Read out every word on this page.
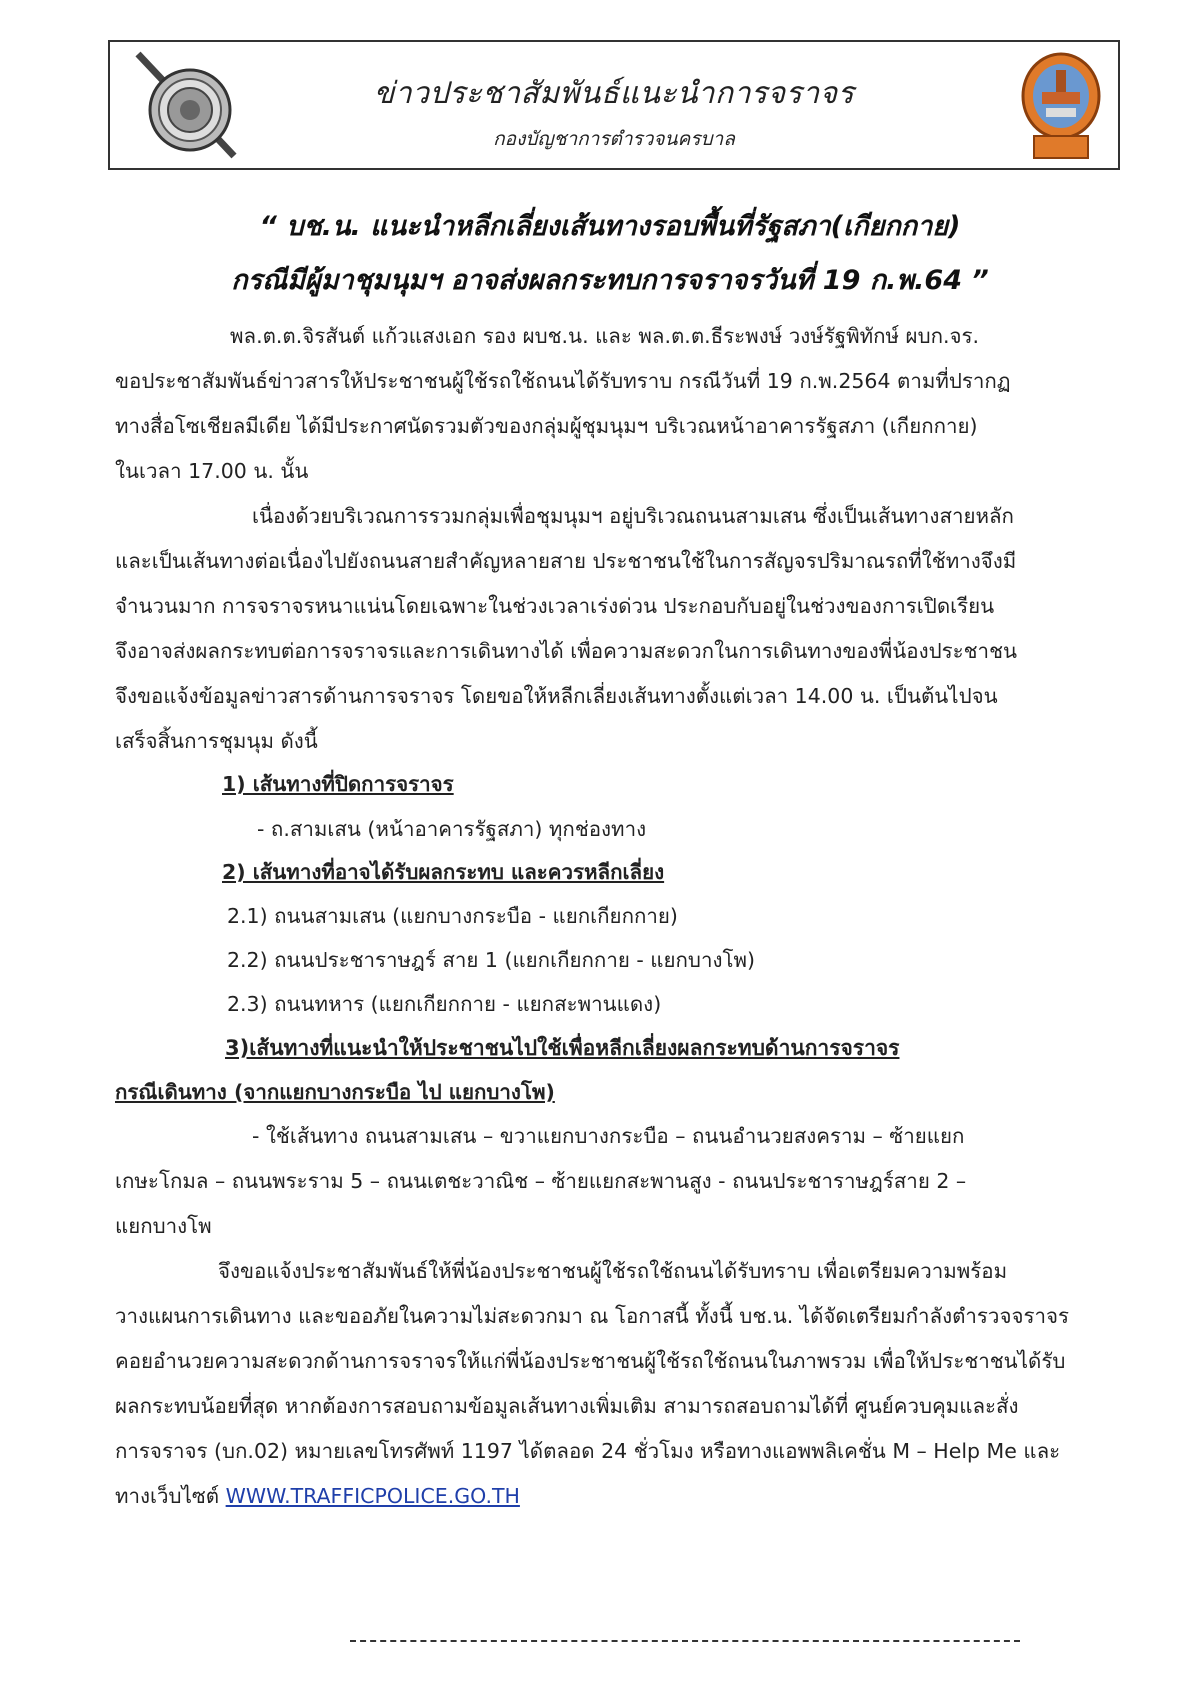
ข่าวประชาสัมพันธ์แนะนำการจราจร
กองบัญชาการตำรวจนครบาล
“ บช.น. แนะนำหลีกเลี่ยงเส้นทางรอบพื้นที่รัฐสภา(เกียกกาย)
กรณีมีผู้มาชุมนุมฯ อาจส่งผลกระทบการจราจรวันที่ 19 ก.พ.64 ”
พล.ต.ต.จิรสันต์ แก้วแสงเอก รอง ผบช.น. และ พล.ต.ต.ธีระพงษ์ วงษ์รัฐพิทักษ์ ผบก.จร.
ขอประชาสัมพันธ์ข่าวสารให้ประชาชนผู้ใช้รถใช้ถนนได้รับทราบ กรณีวันที่ 19 ก.พ.2564 ตามที่ปรากฏ
ทางสื่อโซเชียลมีเดีย ได้มีประกาศนัดรวมตัวของกลุ่มผู้ชุมนุมฯ บริเวณหน้าอาคารรัฐสภา (เกียกกาย)
ในเวลา 17.00 น. นั้น
เนื่องด้วยบริเวณการรวมกลุ่มเพื่อชุมนุมฯ อยู่บริเวณถนนสามเสน ซึ่งเป็นเส้นทางสายหลัก
และเป็นเส้นทางต่อเนื่องไปยังถนนสายสำคัญหลายสาย ประชาชนใช้ในการสัญจรปริมาณรถที่ใช้ทางจึงมี
จำนวนมาก การจราจรหนาแน่นโดยเฉพาะในช่วงเวลาเร่งด่วน ประกอบกับอยู่ในช่วงของการเปิดเรียน
จึงอาจส่งผลกระทบต่อการจราจรและการเดินทางได้ เพื่อความสะดวกในการเดินทางของพี่น้องประชาชน
จึงขอแจ้งข้อมูลข่าวสารด้านการจราจร โดยขอให้หลีกเลี่ยงเส้นทางตั้งแต่เวลา 14.00 น. เป็นต้นไปจน
เสร็จสิ้นการชุมนุม ดังนี้
1) เส้นทางที่ปิดการจราจร
- ถ.สามเสน (หน้าอาคารรัฐสภา) ทุกช่องทาง
2) เส้นทางที่อาจได้รับผลกระทบ และควรหลีกเลี่ยง
2.1) ถนนสามเสน (แยกบางกระบือ - แยกเกียกกาย)
2.2) ถนนประชาราษฎร์ สาย 1 (แยกเกียกกาย - แยกบางโพ)
2.3) ถนนทหาร (แยกเกียกกาย - แยกสะพานแดง)
3)เส้นทางที่แนะนำให้ประชาชนไปใช้เพื่อหลีกเลี่ยงผลกระทบด้านการจราจร
กรณีเดินทาง (จากแยกบางกระบือ ไป แยกบางโพ)
- ใช้เส้นทาง ถนนสามเสน – ขวาแยกบางกระบือ – ถนนอำนวยสงคราม – ซ้ายแยก
เกษะโกมล – ถนนพระราม 5 – ถนนเตชะวาณิช – ซ้ายแยกสะพานสูง - ถนนประชาราษฎร์สาย 2 –
แยกบางโพ
จึงขอแจ้งประชาสัมพันธ์ให้พี่น้องประชาชนผู้ใช้รถใช้ถนนได้รับทราบ เพื่อเตรียมความพร้อม
วางแผนการเดินทาง และขออภัยในความไม่สะดวกมา ณ โอกาสนี้ ทั้งนี้ บช.น. ได้จัดเตรียมกำลังตำรวจจราจร
คอยอำนวยความสะดวกด้านการจราจรให้แก่พี่น้องประชาชนผู้ใช้รถใช้ถนนในภาพรวม เพื่อให้ประชาชนได้รับ
ผลกระทบน้อยที่สุด หากต้องการสอบถามข้อมูลเส้นทางเพิ่มเติม สามารถสอบถามได้ที่ ศูนย์ควบคุมและสั่ง
การจราจร (บก.02) หมายเลขโทรศัพท์ 1197 ได้ตลอด 24 ชั่วโมง หรือทางแอพพลิเคชั่น M – Help Me และ
ทางเว็บไซต์ WWW.TRAFFICPOLICE.GO.TH
